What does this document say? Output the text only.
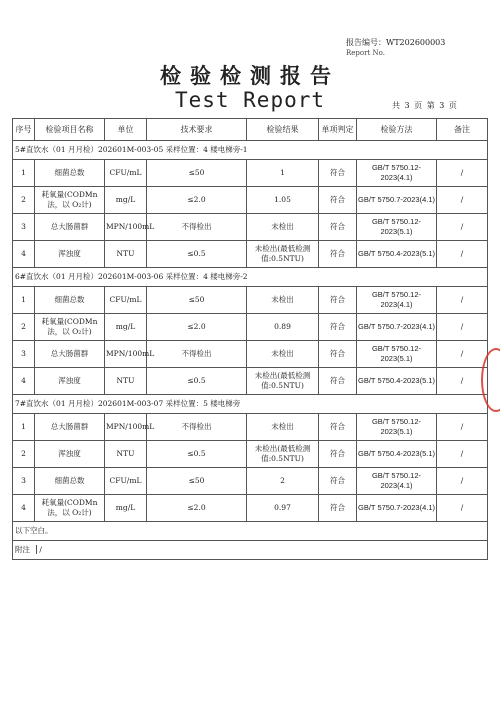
报告编号：WT202600003
Report No.
检验检测报告
Test Report	共 3 页 第 3 页
序号	检验项目名称	单位	技术要求	检验结果	单项判定	检验方法	备注
5#直饮水（01 月月检）202601M-003-05 采样位置：4 楼电梯旁-1							
1	细菌总数	CFU/mL	≤50	1	符合	GB/T 5750.12-2023(4.1)	/
2	耗氧量(CODMn 法，以 O₂计)	mg/L	≤2.0	1.05	符合	GB/T 5750.7-2023(4.1)	/
3	总大肠菌群	MPN/100mL	不得检出	未检出	符合	GB/T 5750.12-2023(5.1)	/
4	浑浊度	NTU	≤0.5	未检出(最低检测值:0.5NTU)	符合	GB/T 5750.4-2023(5.1)	/
6#直饮水（01 月月检）202601M-003-06 采样位置：4 楼电梯旁-2							
1	细菌总数	CFU/mL	≤50	未检出	符合	GB/T 5750.12-2023(4.1)	/
2	耗氧量(CODMn 法，以 O₂计)	mg/L	≤2.0	0.89	符合	GB/T 5750.7-2023(4.1)	/
3	总大肠菌群	MPN/100mL	不得检出	未检出	符合	GB/T 5750.12-2023(5.1)	/
4	浑浊度	NTU	≤0.5	未检出(最低检测值:0.5NTU)	符合	GB/T 5750.4-2023(5.1)	/
7#直饮水（01 月月检）202601M-003-07 采样位置：5 楼电梯旁							
1	总大肠菌群	MPN/100mL	不得检出	未检出	符合	GB/T 5750.12-2023(5.1)	/
2	浑浊度	NTU	≤0.5	未检出(最低检测值:0.5NTU)	符合	GB/T 5750.4-2023(5.1)	/
3	细菌总数	CFU/mL	≤50	2	符合	GB/T 5750.12-2023(4.1)	/
4	耗氧量(CODMn 法，以 O₂计)	mg/L	≤2.0	0.97	符合	GB/T 5750.7-2023(4.1)	/
以下空白。							
附注 /							
